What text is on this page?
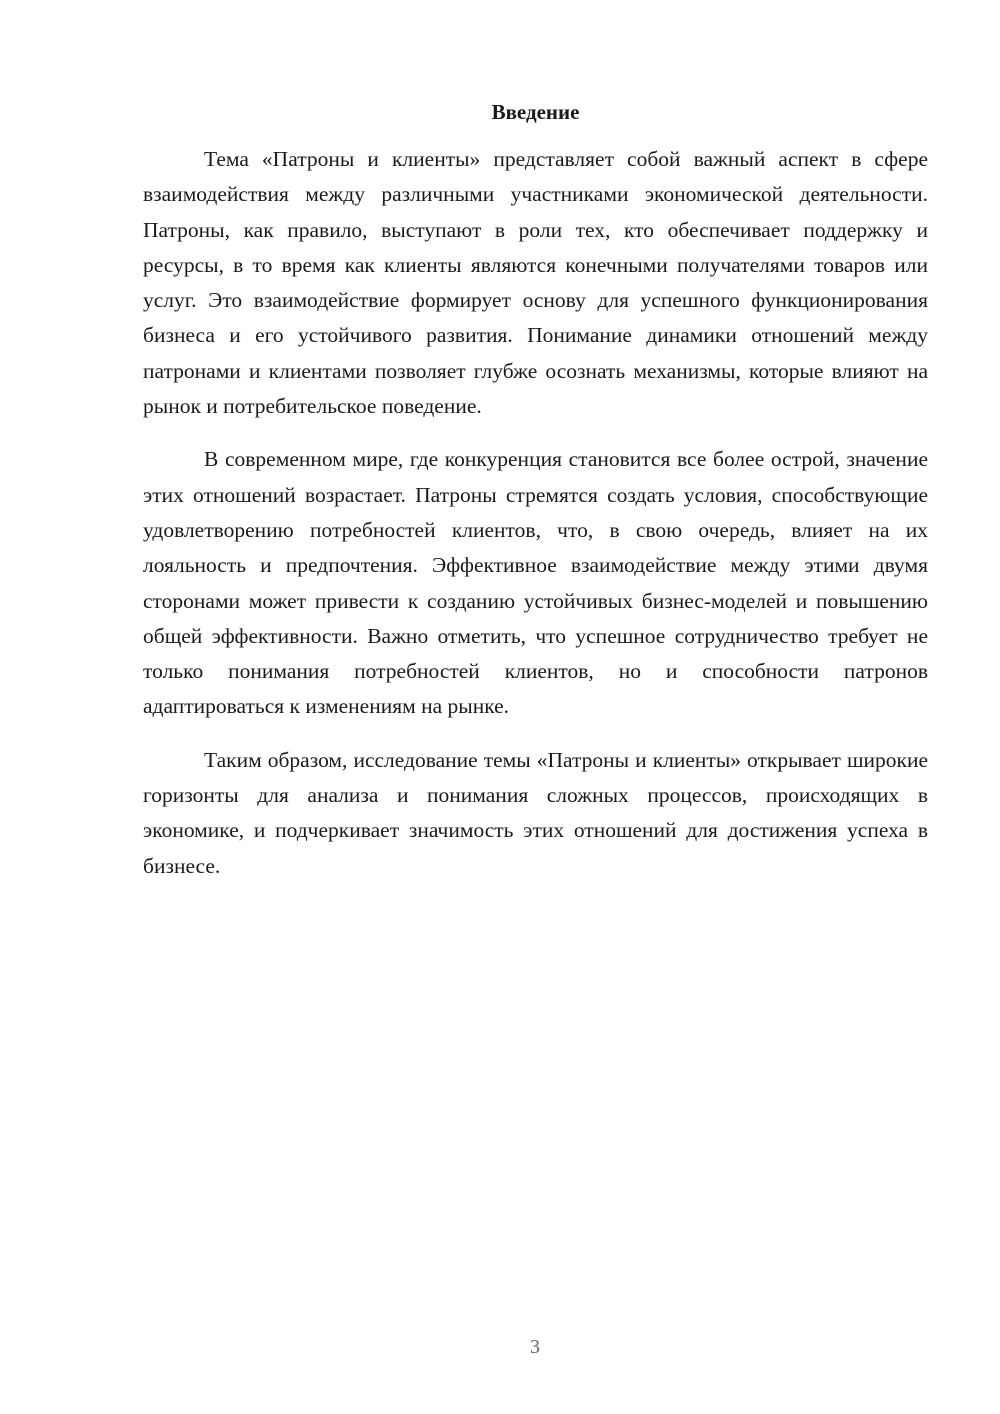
Введение

Тема «Патроны и клиенты» представляет собой важный аспект в сфере взаимодействия между различными участниками экономической деятельности. Патроны, как правило, выступают в роли тех, кто обеспечивает поддержку и ресурсы, в то время как клиенты являются конечными получателями товаров или услуг. Это взаимодействие формирует основу для успешного функционирования бизнеса и его устойчивого развития. Понимание динамики отношений между патронами и клиентами позволяет глубже осознать механизмы, которые влияют на рынок и потребительское поведение.

В современном мире, где конкуренция становится все более острой, значение этих отношений возрастает. Патроны стремятся создать условия, способствующие удовлетворению потребностей клиентов, что, в свою очередь, влияет на их лояльность и предпочтения. Эффективное взаимодействие между этими двумя сторонами может привести к созданию устойчивых бизнес-моделей и повышению общей эффективности. Важно отметить, что успешное сотрудничество требует не только понимания потребностей клиентов, но и способности патронов адаптироваться к изменениям на рынке.

Таким образом, исследование темы «Патроны и клиенты» открывает широкие горизонты для анализа и понимания сложных процессов, происходящих в экономике, и подчеркивает значимость этих отношений для достижения успеха в бизнесе.

3
